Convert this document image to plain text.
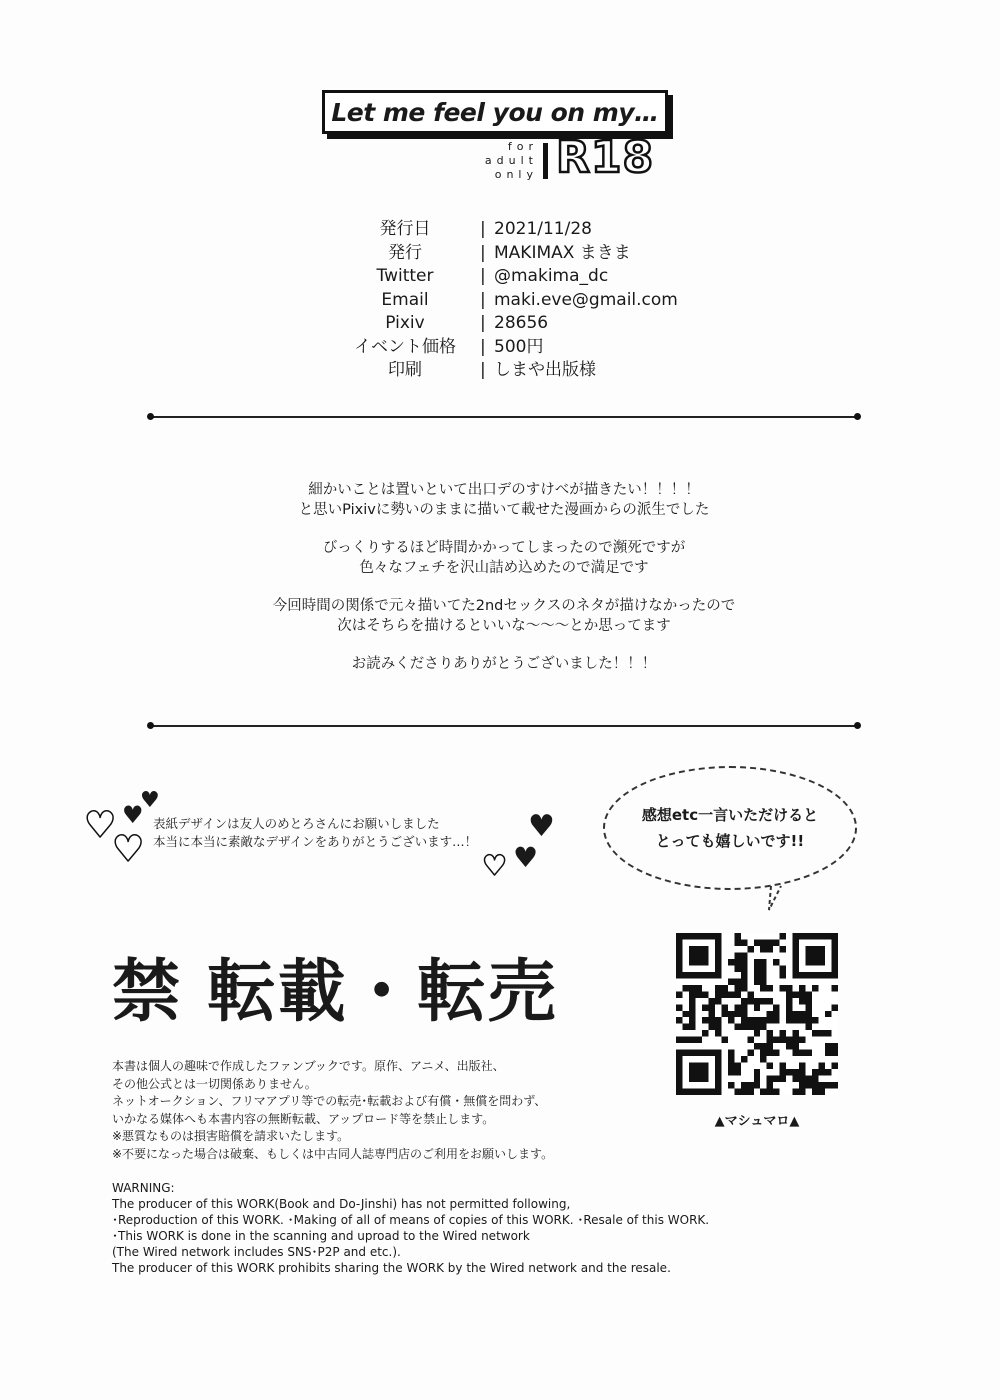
Let me feel you on my…
for
adult
only R18
発行日	| 2021/11/28
発行	| MAKIMAX まきま
Twitter	| @makima_dc
Email	| maki.eve@gmail.com
Pixiv	| 28656
イベント価格	| 500円
印刷	| しまや出版様
細かいことは置いといて出口デのすけべが描きたい！！！！
と思いPixivに勢いのままに描いて載せた漫画からの派生でした
びっくりするほど時間かかってしまったので瀕死ですが
色々なフェチを沢山詰め込めたので満足です
今回時間の関係で元々描いてた2ndセックスのネタが描けなかったので
次はそちらを描けるといいな〜〜〜とか思ってます
お読みくださりありがとうございました！！！
♥
♥
♥
♥
表紙デザインは友人のめとろさんにお願いしました
本当に本当に素敵なデザインをありがとうございます…！ ♥
♥
♥
感想etc一言いただけると
とっても嬉しいです!!
禁 転載・転売
本書は個人の趣味で作成したファンブックです。原作、アニメ、出版社、
その他公式とは一切関係ありません。
ネットオークション、フリマアプリ等での転売･転載および有償・無償を問わず、
いかなる媒体へも本書内容の無断転載、アップロード等を禁止します。
※悪質なものは損害賠償を請求いたします。
※不要になった場合は破棄、もしくは中古同人誌専門店のご利用をお願いします。
WARNING:
The producer of this WORK(Book and Do-Jinshi) has not permitted following,
･Reproduction of this WORK. ･Making of all of means of copies of this WORK. ･Resale of this WORK.
･This WORK is done in the scanning and uproad to the Wired network
(The Wired network includes SNS･P2P and etc.).
The producer of this WORK prohibits sharing the WORK by the Wired network and the resale.
▲マシュマロ▲
